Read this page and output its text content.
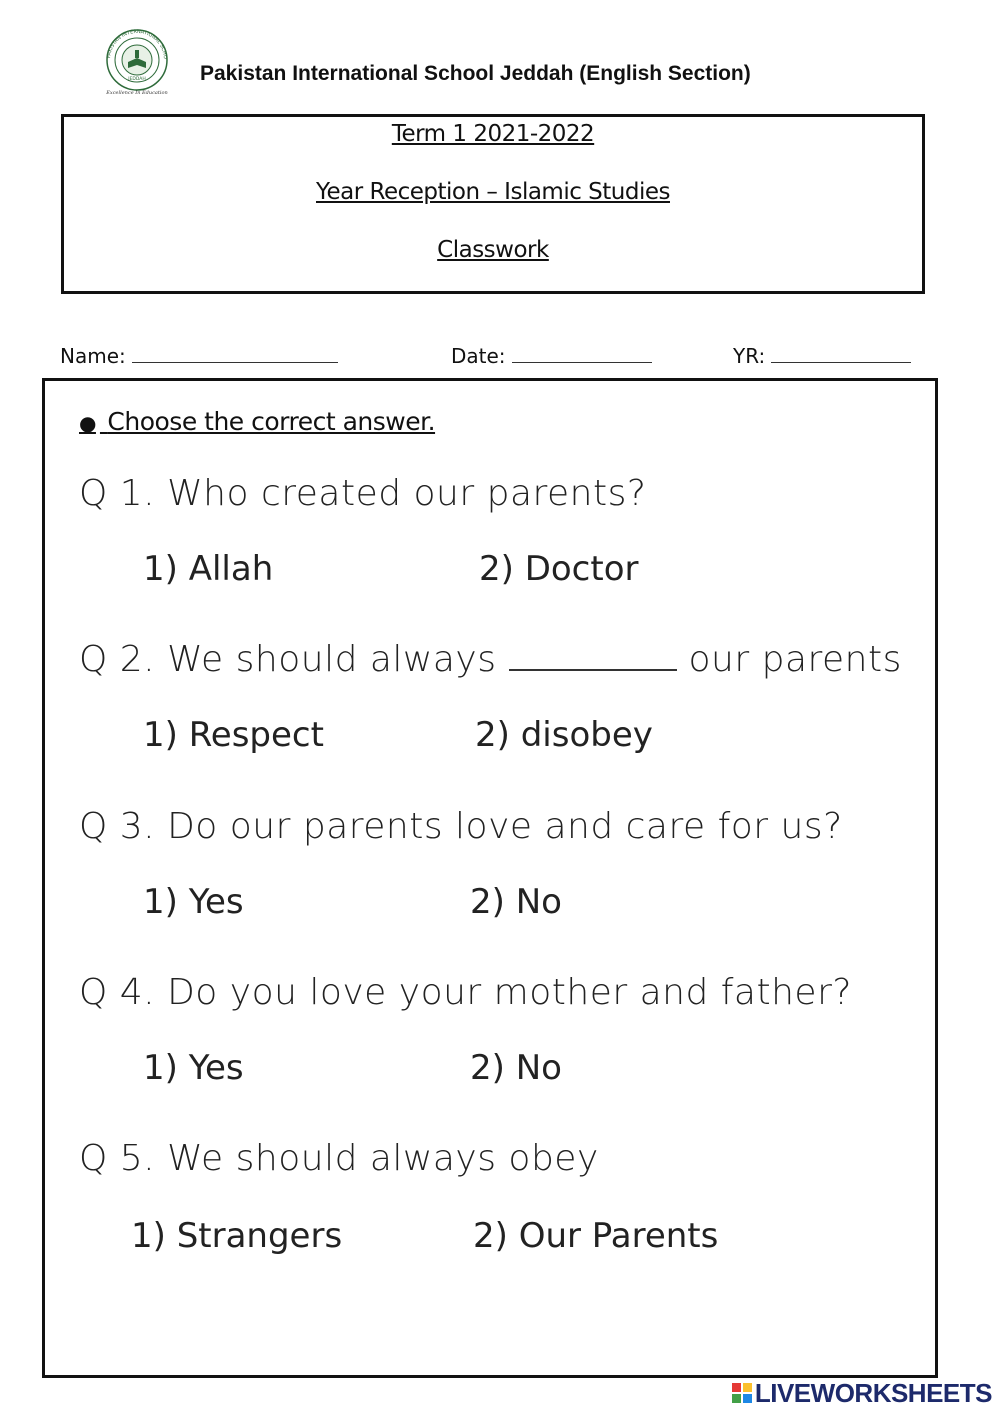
PAKISTAN INTERNATIONAL SCHO
JEDDAH
Excellence In Education
Pakistan International School Jeddah (English Section)
Term 1 2021-2022
Year Reception – Islamic Studies
Classwork
Name:	Date:	YR:
● Choose the correct answer.
Q 1. Who created our parents?
1) Allah	2) Doctor
Q 2. We should always	our parents
1) Respect	2) disobey
Q 3. Do our parents love and care for us?
1) Yes	2) No
Q 4. Do you love your mother and father?
1) Yes	2) No
Q 5. We should always obey
1) Strangers	2) Our Parents
LIVEWORKSHEETS
